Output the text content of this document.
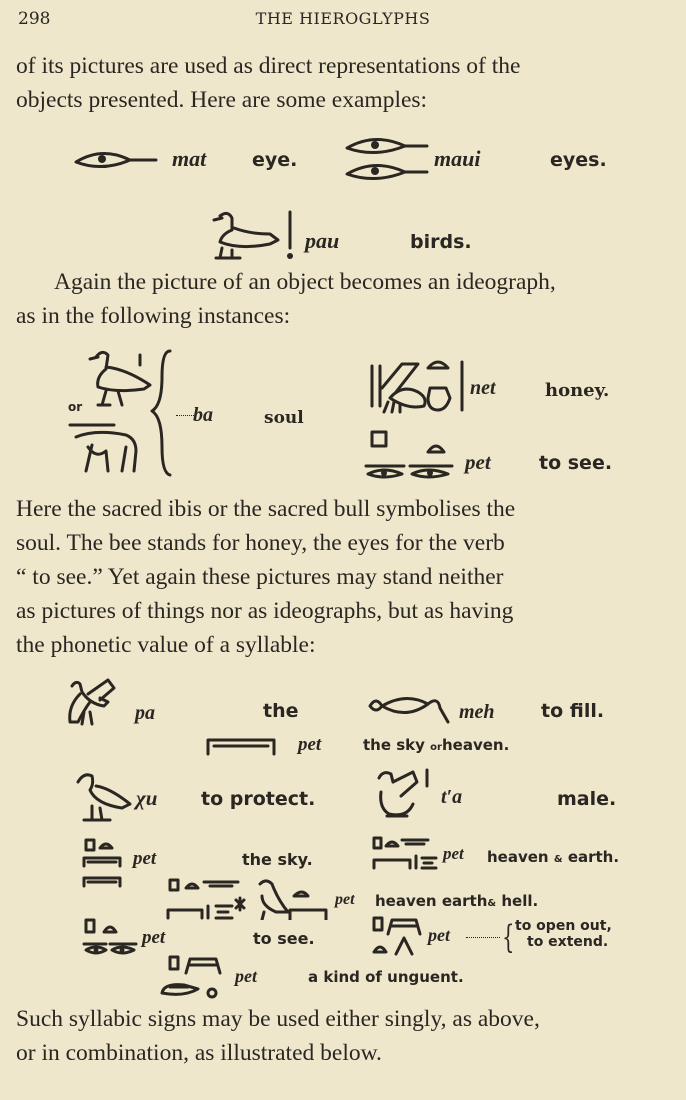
298	THE HIEROGLYPHS
of its pictures are used as direct representations of the
objects presented. Here are some examples:
mat eye.	maui	eyes.
pau	birds.
Again the picture of an object becomes an ideograph,
as in the following instances:
or	ba	soul
net	honey.
pet	to see.
Here the sacred ibis or the sacred bull symbolises the
soul. The bee stands for honey, the eyes for the verb
“ to see.” Yet again these pictures may stand neither
as pictures of things nor as ideographs, but as having
the phonetic value of a syllable:
pa	the	meh to fill.
pet	the sky orheaven.
χu to protect.	t′a	male.
pet	the sky.	pet heaven & earth.
pet heaven earth& hell.
pet	to see.	pet { to open out,
to extend.
pet	a kind of unguent.
Such syllabic signs may be used either singly, as above,
or in combination, as illustrated below.
